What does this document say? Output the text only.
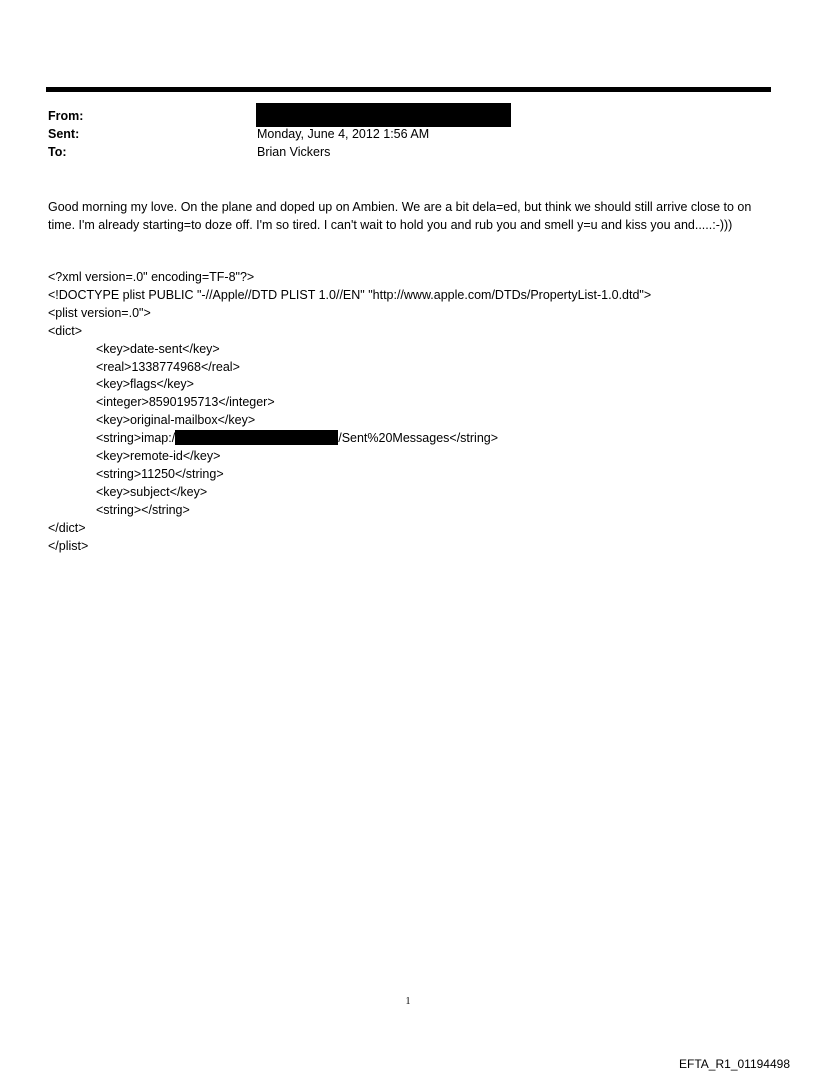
From:
Sent:	Monday, June 4, 2012 1:56 AM
To:	Brian Vickers

Good morning my love. On the plane and doped up on Ambien. We are a bit dela=ed, but think we should still arrive close to on time. I'm already starting=to doze off. I'm so tired. I can't wait to hold you and rub you and smell y=u and kiss you and.....:-)))

<?xml version=.0" encoding=TF-8"?>
<!DOCTYPE plist PUBLIC "-//Apple//DTD PLIST 1.0//EN" "http://www.apple.com/DTDs/PropertyList-1.0.dtd">
<plist version=.0">
<dict>
<key>date-sent</key>
<real>1338774968</real>
<key>flags</key>
<integer>8590195713</integer>
<key>original-mailbox</key>
<string>imap:/	/Sent%20Messages</string>
<key>remote-id</key>
<string>11250</string>
<key>subject</key>
<string></string>
</dict>
</plist>
1
EFTA_R1_01194498
